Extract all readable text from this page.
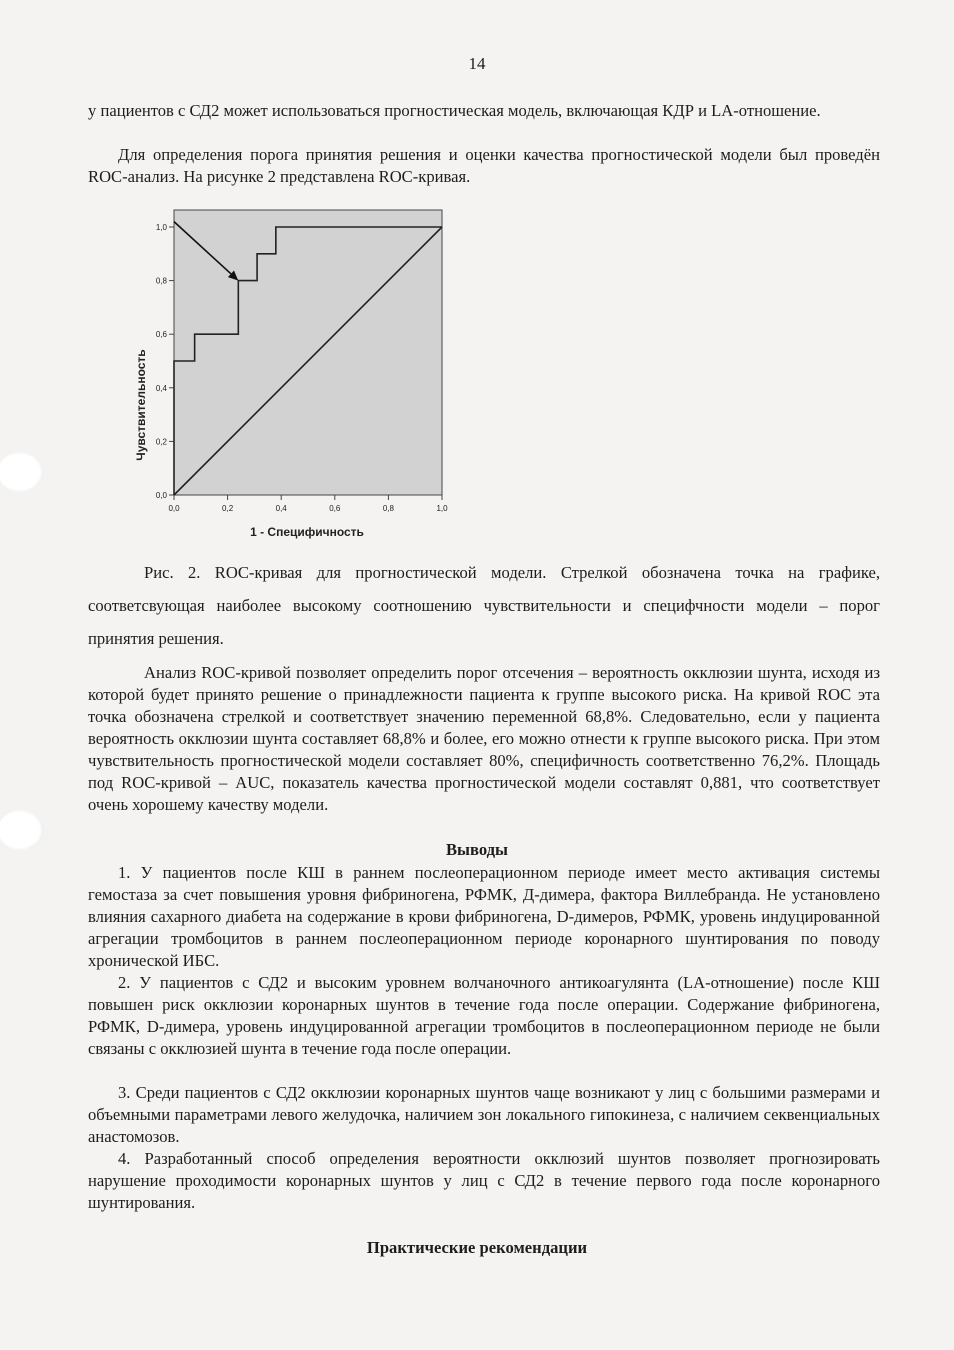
14

у пациентов с СД2 может использоваться прогностическая модель, включающая КДР и LA-отношение.

Для определения порога принятия решения и оценки качества прогностической модели был проведён ROC-анализ. На рисунке 2 представлена ROC-кривая.

0,0
0,2
0,4
0,6
0,8
1,0
0,0	0,2	0,4	0,6	0,8	1,0
Чувствительность
1 - Специфичность
Рис. 2. ROC-кривая для прогностической модели. Стрелкой обозначена точка на графике, соответсвующая наиболее высокому соотношению чувствительности и специфчности модели – порог принятия решения.

Анализ ROC-кривой позволяет определить порог отсечения – вероятность окклюзии шунта, исходя из которой будет принято решение о принадлежности пациента к группе высокого риска. На кривой ROC эта точка обозначена стрелкой и соответствует значению переменной 68,8%. Следовательно, если у пациента вероятность окклюзии шунта составляет 68,8% и более, его можно отнести к группе высокого риска. При этом чувствительность прогностической модели составляет 80%, специфичность соответственно 76,2%. Площадь под ROC-кривой – AUC, показатель качества прогностической модели составлят 0,881, что соответствует очень хорошему качеству модели.

Выводы

1. У пациентов после КШ в раннем послеоперационном периоде имеет место активация системы гемостаза за счет повышения уровня фибриногена, РФМК, Д-димера, фактора Виллебранда. Не установлено влияния сахарного диабета на содержание в крови фибриногена, D-димеров, РФМК, уровень индуцированной агрегации тромбоцитов в раннем послеоперационном периоде коронарного шунтирования по поводу хронической ИБС.

2. У пациентов с СД2 и высоким уровнем волчаночного антикоагулянта (LA-отношение) после КШ повышен риск окклюзии коронарных шунтов в течение года после операции. Содержание фибриногена, РФМК, D-димера, уровень индуцированной агрегации тромбоцитов в послеоперационном периоде не были связаны с окклюзией шунта в течение года после операции.

3. Среди пациентов с СД2 окклюзии коронарных шунтов чаще возникают у лиц с большими размерами и объемными параметрами левого желудочка, наличием зон локального гипокинеза, с наличием секвенциальных анастомозов.

4. Разработанный способ определения вероятности окклюзий шунтов позволяет прогнозировать нарушение проходимости коронарных шунтов у лиц с СД2 в течение первого года после коронарного шунтирования.

Практические рекомендации
